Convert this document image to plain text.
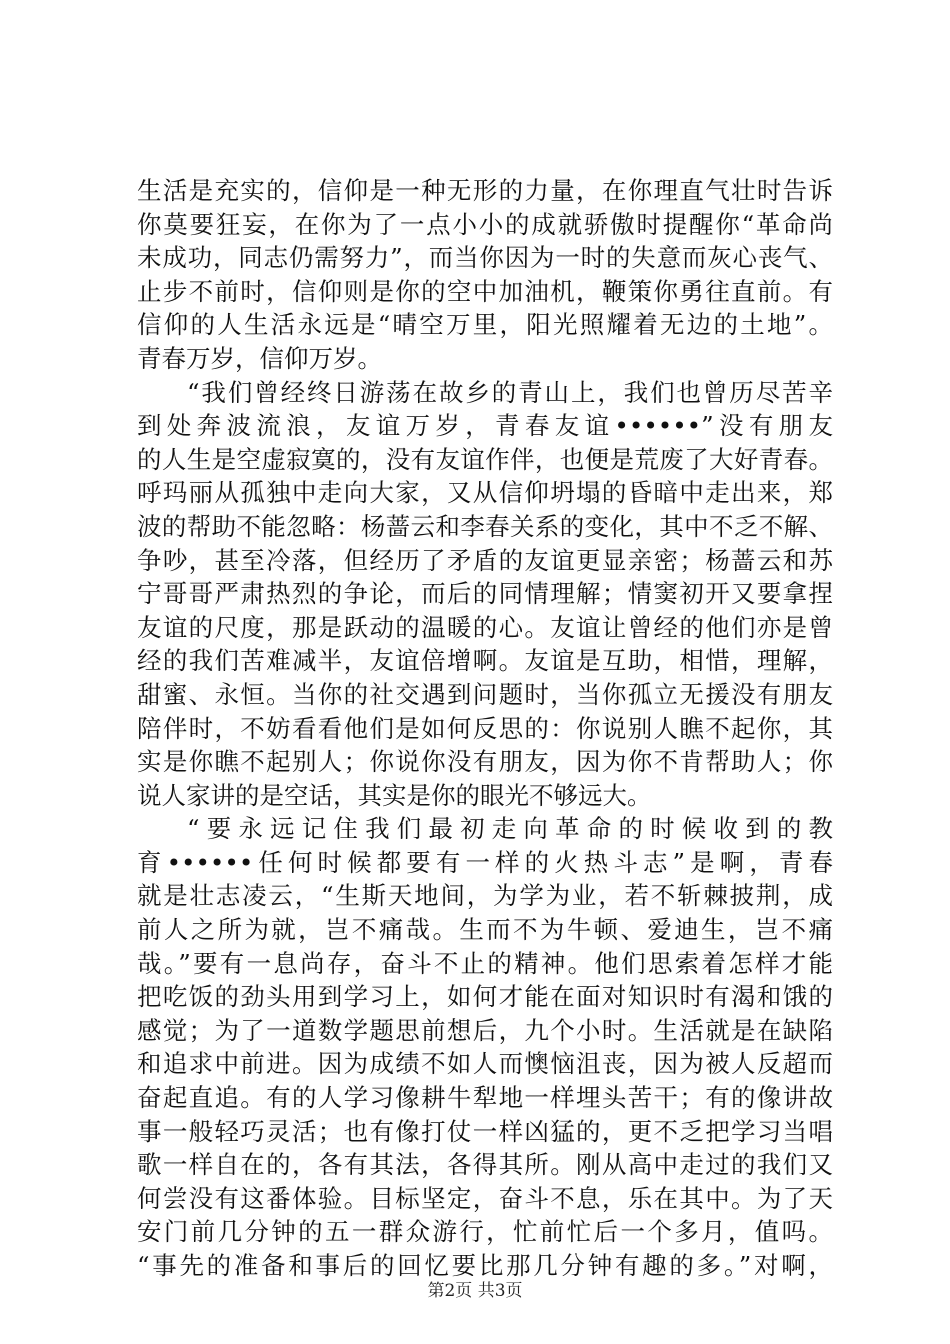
生活是充实的，信仰是一种无形的力量，在你理直气壮时告诉
你莫要狂妄，在你为了一点小小的成就骄傲时提醒你“革命尚
未成功，同志仍需努力”，而当你因为一时的失意而灰心丧气、
止步不前时，信仰则是你的空中加油机，鞭策你勇往直前。有
信仰的人生活永远是“晴空万里，阳光照耀着无边的土地”。
青春万岁，信仰万岁。
“我们曾经终日游荡在故乡的青山上，我们也曾历尽苦辛
到处奔波流浪，友谊万岁，青春友谊••••••”没有朋友
的人生是空虚寂寞的，没有友谊作伴，也便是荒废了大好青春。
呼玛丽从孤独中走向大家，又从信仰坍塌的昏暗中走出来，郑
波的帮助不能忽略：杨蔷云和李春关系的变化，其中不乏不解、
争吵，甚至冷落，但经历了矛盾的友谊更显亲密；杨蔷云和苏
宁哥哥严肃热烈的争论，而后的同情理解；情窦初开又要拿捏
友谊的尺度，那是跃动的温暖的心。友谊让曾经的他们亦是曾
经的我们苦难减半，友谊倍增啊。友谊是互助，相惜，理解，
甜蜜、永恒。当你的社交遇到问题时，当你孤立无援没有朋友
陪伴时，不妨看看他们是如何反思的：你说别人瞧不起你，其
实是你瞧不起别人；你说你没有朋友，因为你不肯帮助人；你
说人家讲的是空话，其实是你的眼光不够远大。
“要永远记住我们最初走向革命的时候收到的教
育••••••任何时候都要有一样的火热斗志”是啊，青春
就是壮志凌云，“生斯天地间，为学为业，若不斩棘披荆，成
前人之所为就，岂不痛哉。生而不为牛顿、爱迪生，岂不痛
哉。”要有一息尚存，奋斗不止的精神。他们思索着怎样才能
把吃饭的劲头用到学习上，如何才能在面对知识时有渴和饿的
感觉；为了一道数学题思前想后，九个小时。生活就是在缺陷
和追求中前进。因为成绩不如人而懊恼沮丧，因为被人反超而
奋起直追。有的人学习像耕牛犁地一样埋头苦干；有的像讲故
事一般轻巧灵活；也有像打仗一样凶猛的，更不乏把学习当唱
歌一样自在的，各有其法，各得其所。刚从高中走过的我们又
何尝没有这番体验。目标坚定，奋斗不息，乐在其中。为了天
安门前几分钟的五一群众游行，忙前忙后一个多月，值吗。
“事先的准备和事后的回忆要比那几分钟有趣的多。”对啊，
第2页 共3页
